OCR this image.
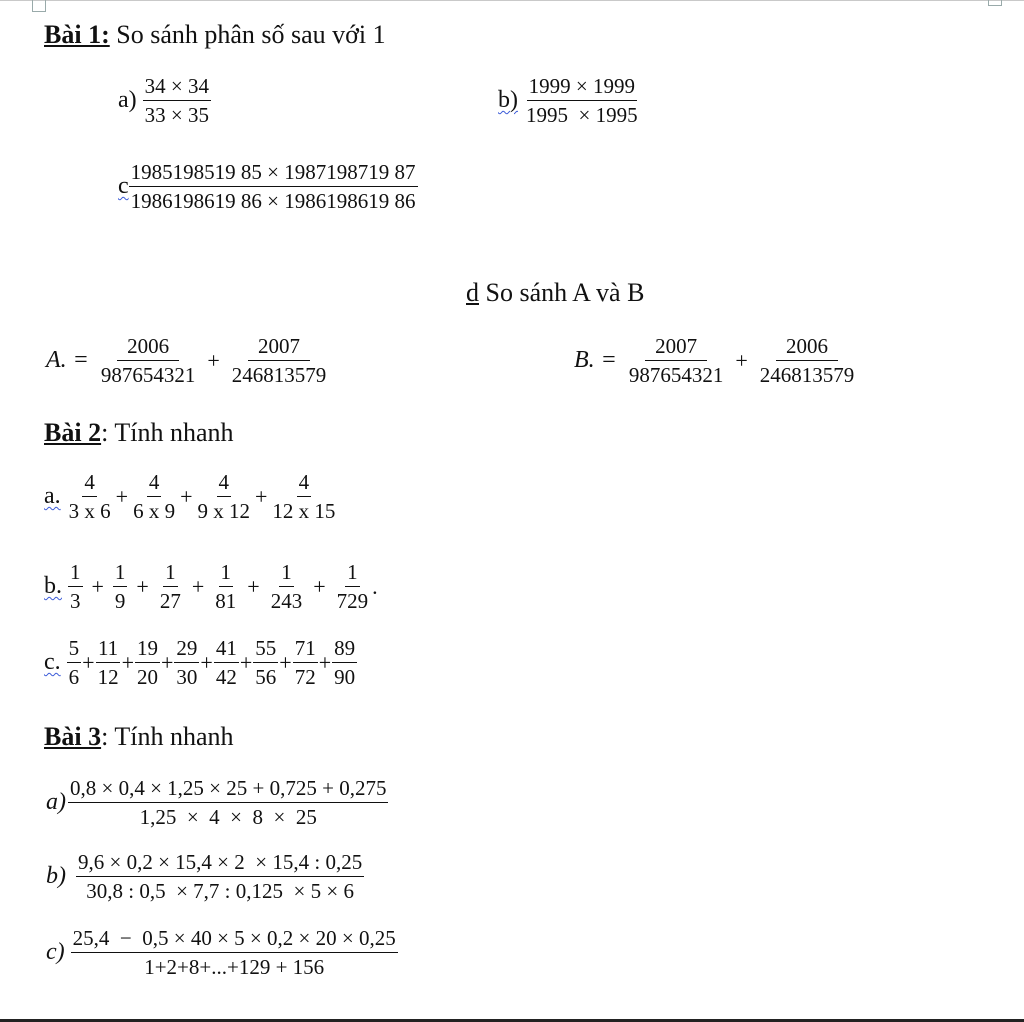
Bài 1: So sánh phân số sau với 1
$a) \frac{34 \times 34}{33 \times 35}$	$b) \frac{1999 \times 1999}{1995 \times 1995}$
c $\frac{1985198519 85 \times 1987198719 87}{1986198619 86 \times 1986198619 86}$
d So sánh A và B
A. = $\frac{2006}{987654321} + \frac{2007}{246813579}$	B. = $\frac{2007}{987654321} + \frac{2006}{246813579}$
Bài 2: Tính nhanh
a. $\frac{4}{3 x 6} + \frac{4}{6 x 9} + \frac{4}{9 x 12} + \frac{4}{12 x 15}$
b. $\frac{1}{3} + \frac{1}{9} + \frac{1}{27} + \frac{1}{81} + \frac{1}{243} + \frac{1}{729}$ .
c. $\frac{5}{6} + \frac{11}{12} + \frac{19}{20} + \frac{29}{30} + \frac{41}{42} + \frac{55}{56} + \frac{71}{72} + \frac{89}{90}$
Bài 3: Tính nhanh
$a) \frac{0,8 \times 0,4 \times 1,25 \times 25 + 0,725 + 0,275}{1,25 \times 4 \times 8 \times 25}$
$b) \frac{9,6 \times 0,2 \times 15,4 \times 2 \times 15,4 : 0,25}{30,8 : 0,5 \times 7,7 : 0,125 \times 5 \times 6}$
$c) \frac{25,4 - 0,5 \times 40 \times 5 \times 0,2 \times 20 \times 0,25}{1+2+8+...+129 + 156}$
